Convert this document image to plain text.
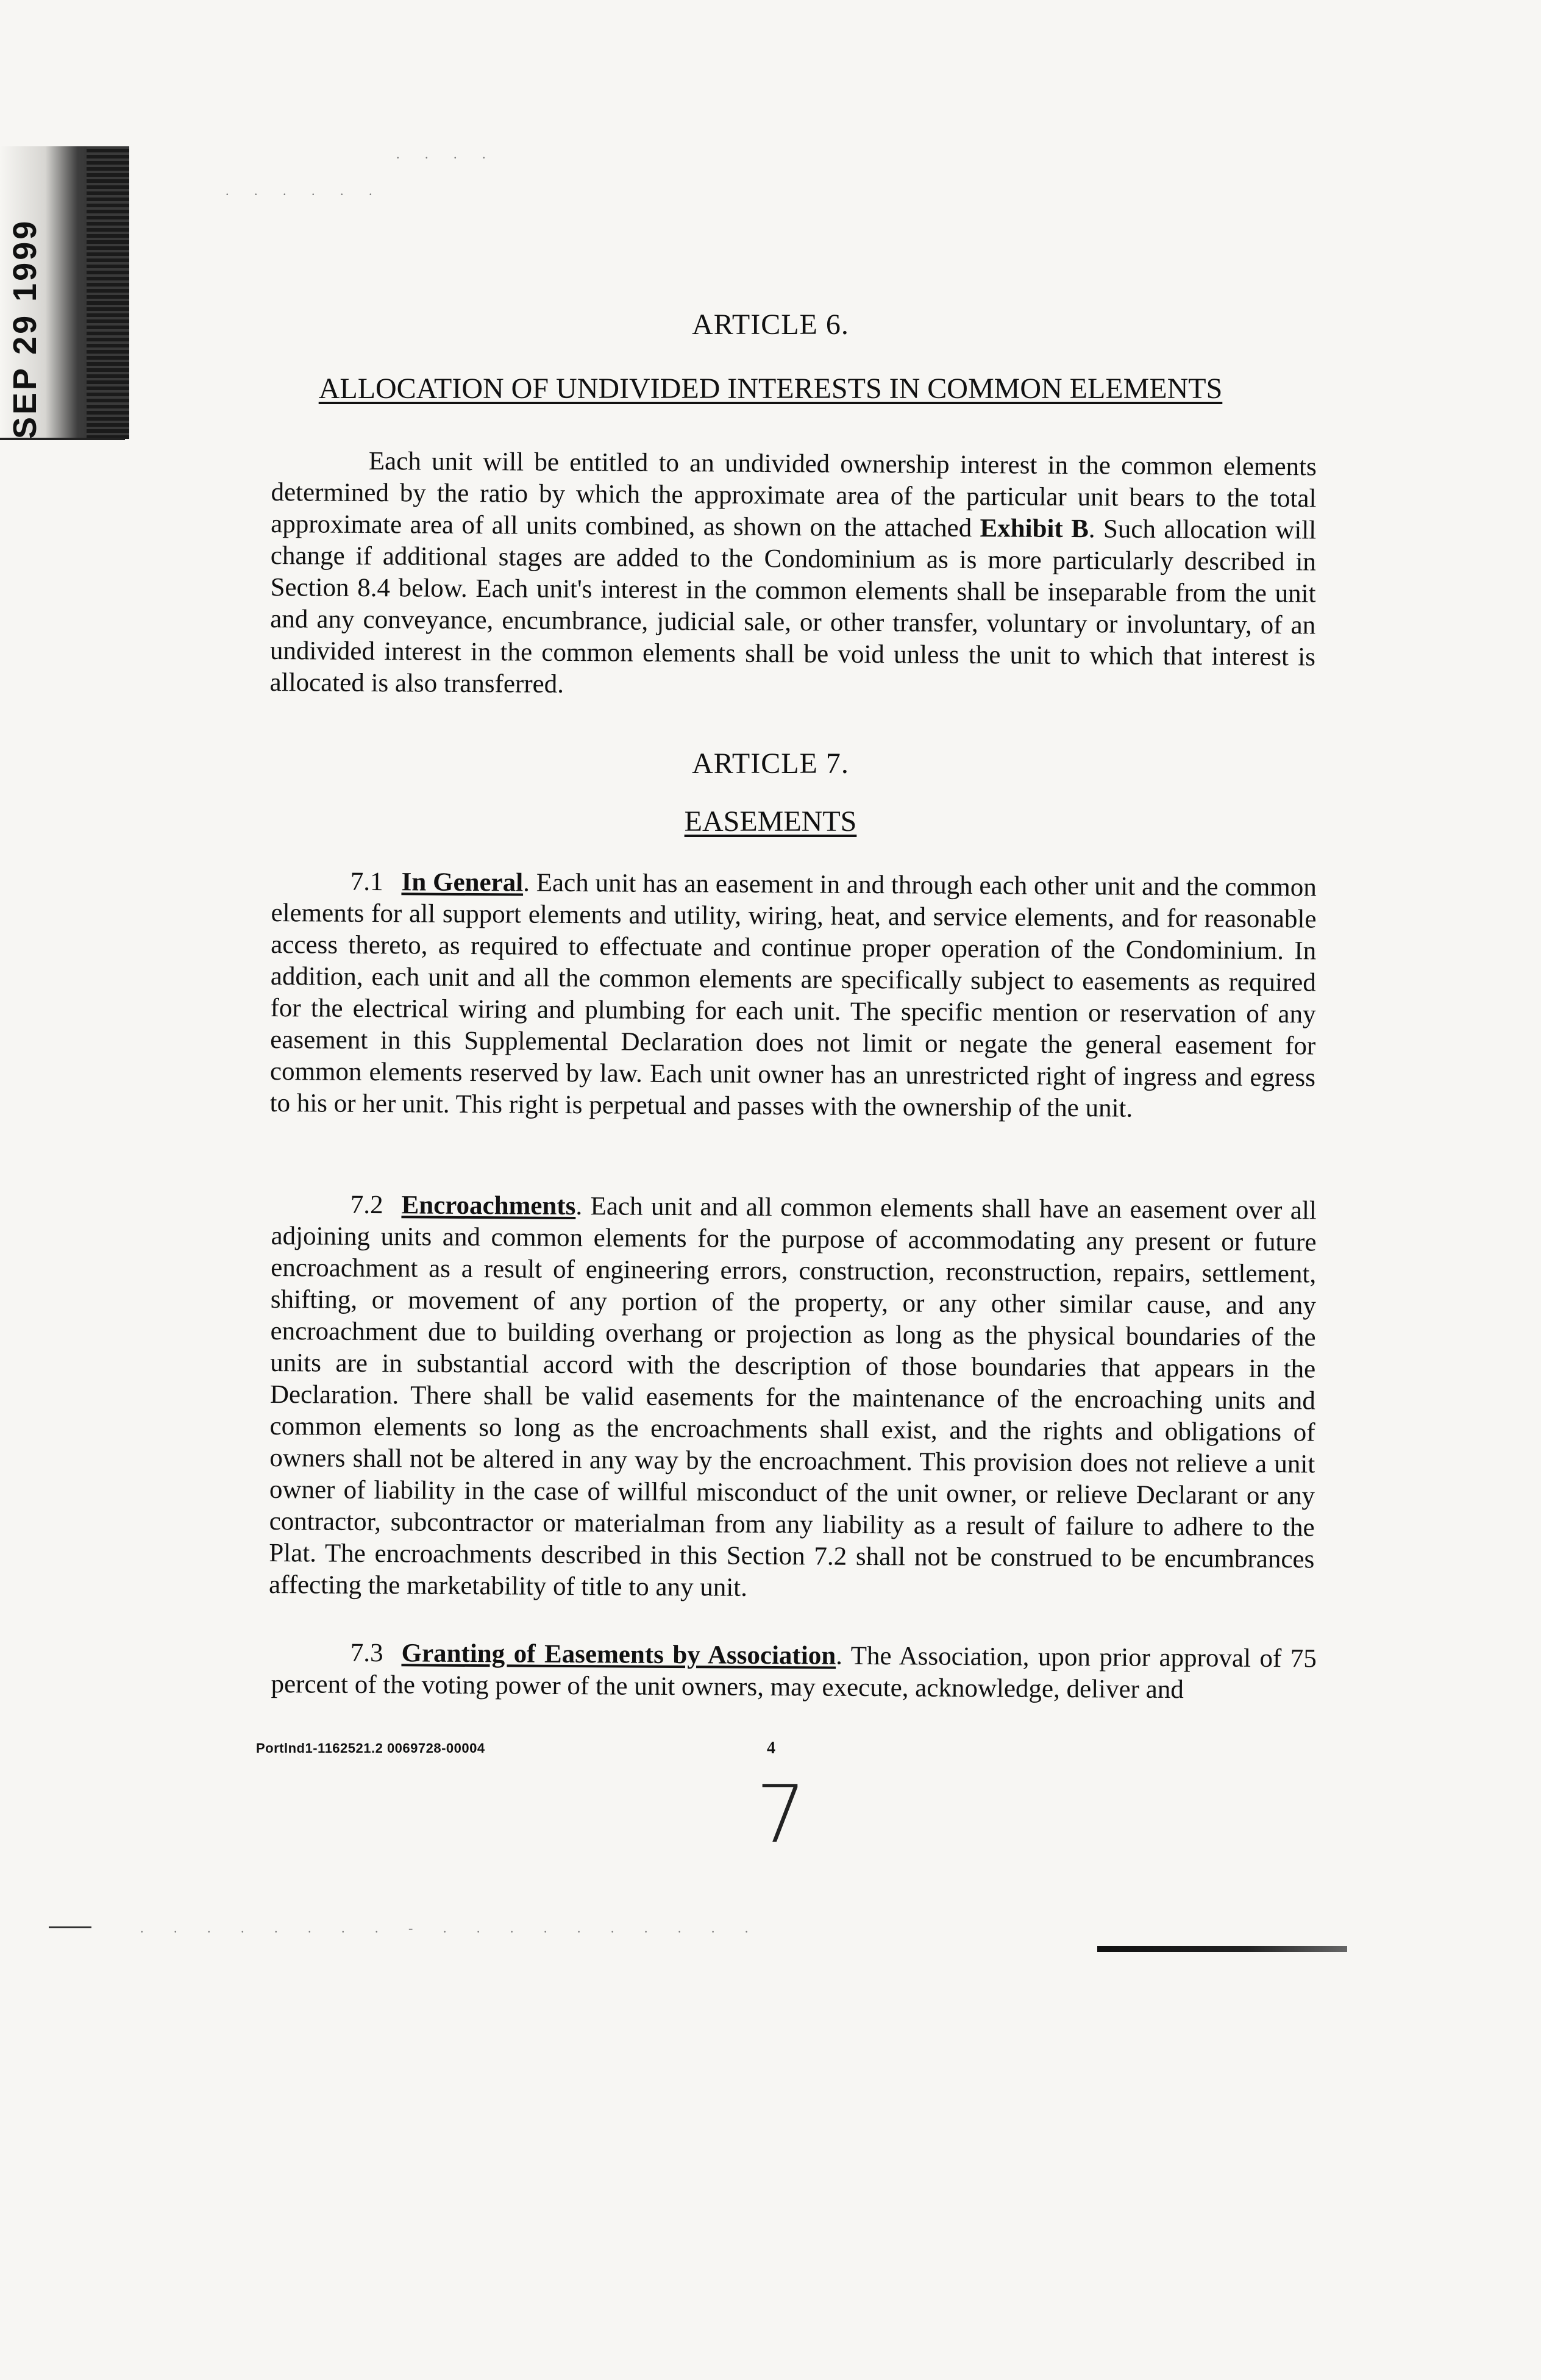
. . . . . .
. . . .
ARTICLE 6.
ALLOCATION OF UNDIVIDED INTERESTS IN COMMON ELEMENTS

Each unit will be entitled to an undivided ownership interest in the common elements determined by the ratio by which the approximate area of the particular unit bears to the total approximate area of all units combined, as shown on the attached Exhibit B. Such allocation will change if additional stages are added to the Condominium as is more particularly described in Section 8.4 below. Each unit's interest in the common elements shall be inseparable from the unit and any conveyance, encumbrance, judicial sale, or other transfer, voluntary or involuntary, of an undivided interest in the common elements shall be void unless the unit to which that interest is allocated is also transferred.

ARTICLE 7.
EASEMENTS

7.1 In General. Each unit has an easement in and through each other unit and the common elements for all support elements and utility, wiring, heat, and service elements, and for reasonable access thereto, as required to effectuate and continue proper operation of the Condominium. In addition, each unit and all the common elements are specifically subject to easements as required for the electrical wiring and plumbing for each unit. The specific mention or reservation of any easement in this Supplemental Declaration does not limit or negate the general easement for common elements reserved by law. Each unit owner has an unrestricted right of ingress and egress to his or her unit. This right is perpetual and passes with the ownership of the unit.

7.2 Encroachments. Each unit and all common elements shall have an easement over all adjoining units and common elements for the purpose of accommodating any present or future encroachment as a result of engineering errors, construction, reconstruction, repairs, settlement, shifting, or movement of any portion of the property, or any other similar cause, and any encroachment due to building overhang or projection as long as the physical boundaries of the units are in substantial accord with the description of those boundaries that appears in the Declaration. There shall be valid easements for the maintenance of the encroaching units and common elements so long as the encroachments shall exist, and the rights and obligations of owners shall not be altered in any way by the encroachment. This provision does not relieve a unit owner of liability in the case of willful misconduct of the unit owner, or relieve Declarant or any contractor, subcontractor or materialman from any liability as a result of failure to adhere to the Plat. The encroachments described in this Section 7.2 shall not be construed to be encumbrances affecting the marketability of title to any unit.

7.3 Granting of Easements by Association. The Association, upon prior approval of 75 percent of the voting power of the unit owners, may execute, acknowledge, deliver and

Portlnd1-1162521.2 0069728-00004	4
7
. . . . . . . . - . . . . . . . . . .
